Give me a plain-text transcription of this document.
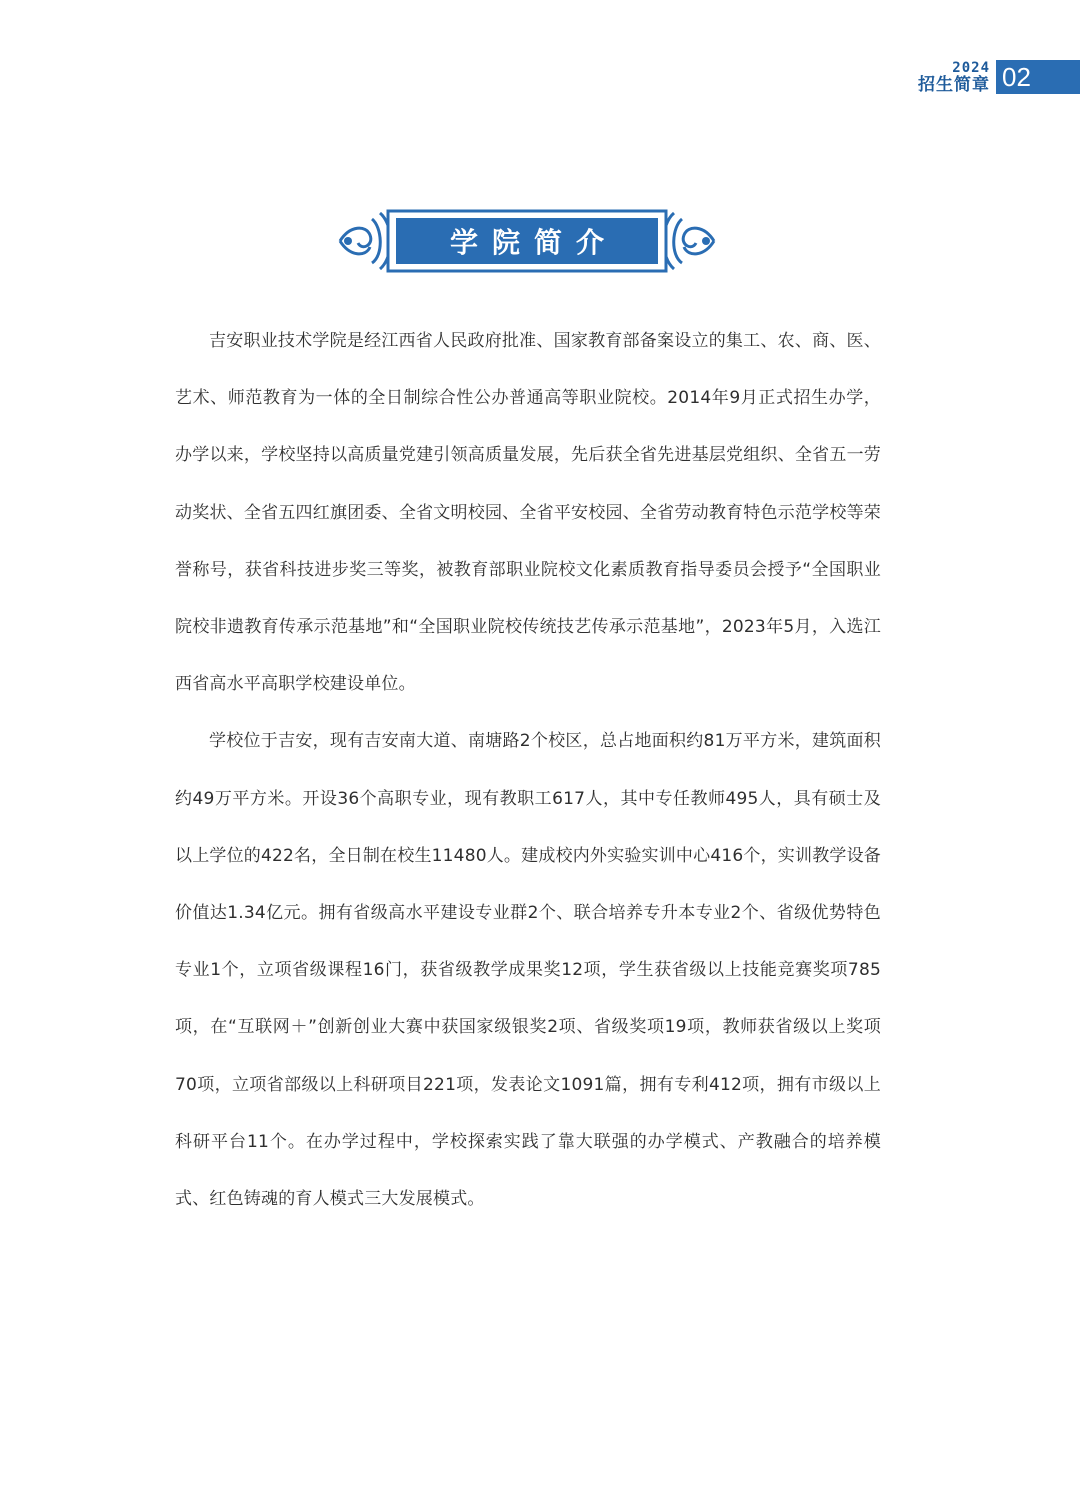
2024
招生简章 02
学院简介

吉安职业技术学院是经江西省人民政府批准、国家教育部备案设立的集工、农、商、医、艺术、师范教育为一体的全日制综合性公办普通高等职业院校。2014年9月正式招生办学，办学以来，学校坚持以高质量党建引领高质量发展，先后获全省先进基层党组织、全省五一劳动奖状、全省五四红旗团委、全省文明校园、全省平安校园、全省劳动教育特色示范学校等荣誉称号，获省科技进步奖三等奖，被教育部职业院校文化素质教育指导委员会授予“全国职业院校非遗教育传承示范基地”和“全国职业院校传统技艺传承示范基地”，2023年5月，入选江西省高水平高职学校建设单位。

学校位于吉安，现有吉安南大道、南塘路2个校区，总占地面积约81万平方米，建筑面积约49万平方米。开设36个高职专业，现有教职工617人，其中专任教师495人，具有硕士及以上学位的422名，全日制在校生11480人。建成校内外实验实训中心416个，实训教学设备价值达1.34亿元。拥有省级高水平建设专业群2个、联合培养专升本专业2个、省级优势特色专业1个，立项省级课程16门，获省级教学成果奖12项，学生获省级以上技能竞赛奖项785项，在“互联网＋”创新创业大赛中获国家级银奖2项、省级奖项19项，教师获省级以上奖项70项，立项省部级以上科研项目221项，发表论文1091篇，拥有专利412项，拥有市级以上科研平台11个。在办学过程中，学校探索实践了靠大联强的办学模式、产教融合的培养模式、红色铸魂的育人模式三大发展模式。
